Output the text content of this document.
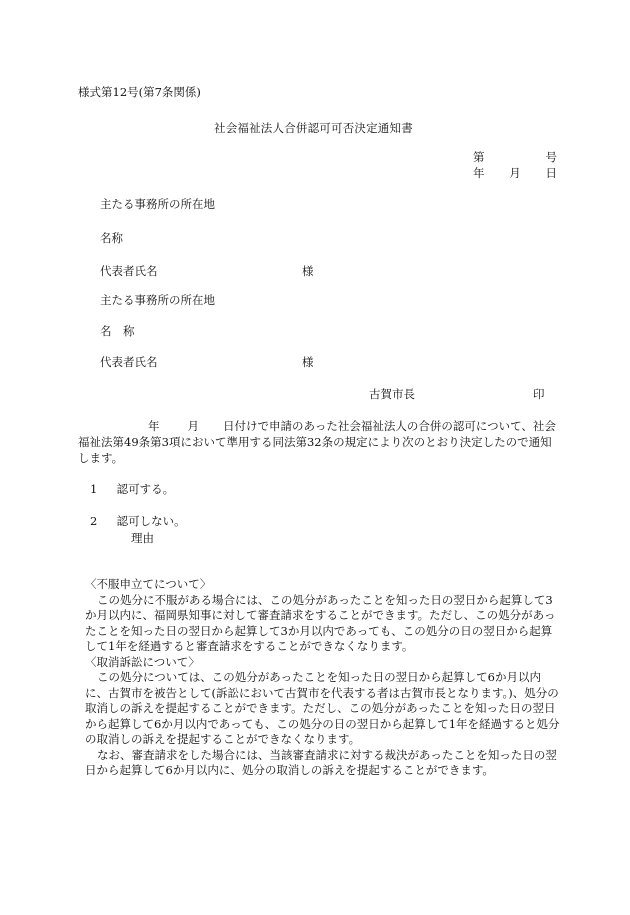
様式第12号(第7条関係)
社会福祉法人合併認可可否決定通知書
第	号
年 月 日
主たる事務所の所在地
名称
代表者氏名	様
主たる事務所の所在地
名　称
代表者氏名	様
古賀市長	印
年 月 日付けで申請のあった社会福祉法人の合併の認可について、社会福祉法第49条第3項において準用する同法第32条の規定により次のとおり決定したので通知します。
1 認可する。
2 認可しない。
理由

〈不服申立てについて〉

この処分に不服がある場合には、この処分があったことを知った日の翌日から起算して3か月以内に、福岡県知事に対して審査請求をすることができます。ただし、この処分があったことを知った日の翌日から起算して3か月以内であっても、この処分の日の翌日から起算して1年を経過すると審査請求をすることができなくなります。

〈取消訴訟について〉

この処分については、この処分があったことを知った日の翌日から起算して6か月以内に、古賀市を被告として(訴訟において古賀市を代表する者は古賀市長となります。)、処分の取消しの訴えを提起することができます。ただし、この処分があったことを知った日の翌日から起算して6か月以内であっても、この処分の日の翌日から起算して1年を経過すると処分の取消しの訴えを提起することができなくなります。

なお、審査請求をした場合には、当該審査請求に対する裁決があったことを知った日の翌日から起算して6か月以内に、処分の取消しの訴えを提起することができます。
